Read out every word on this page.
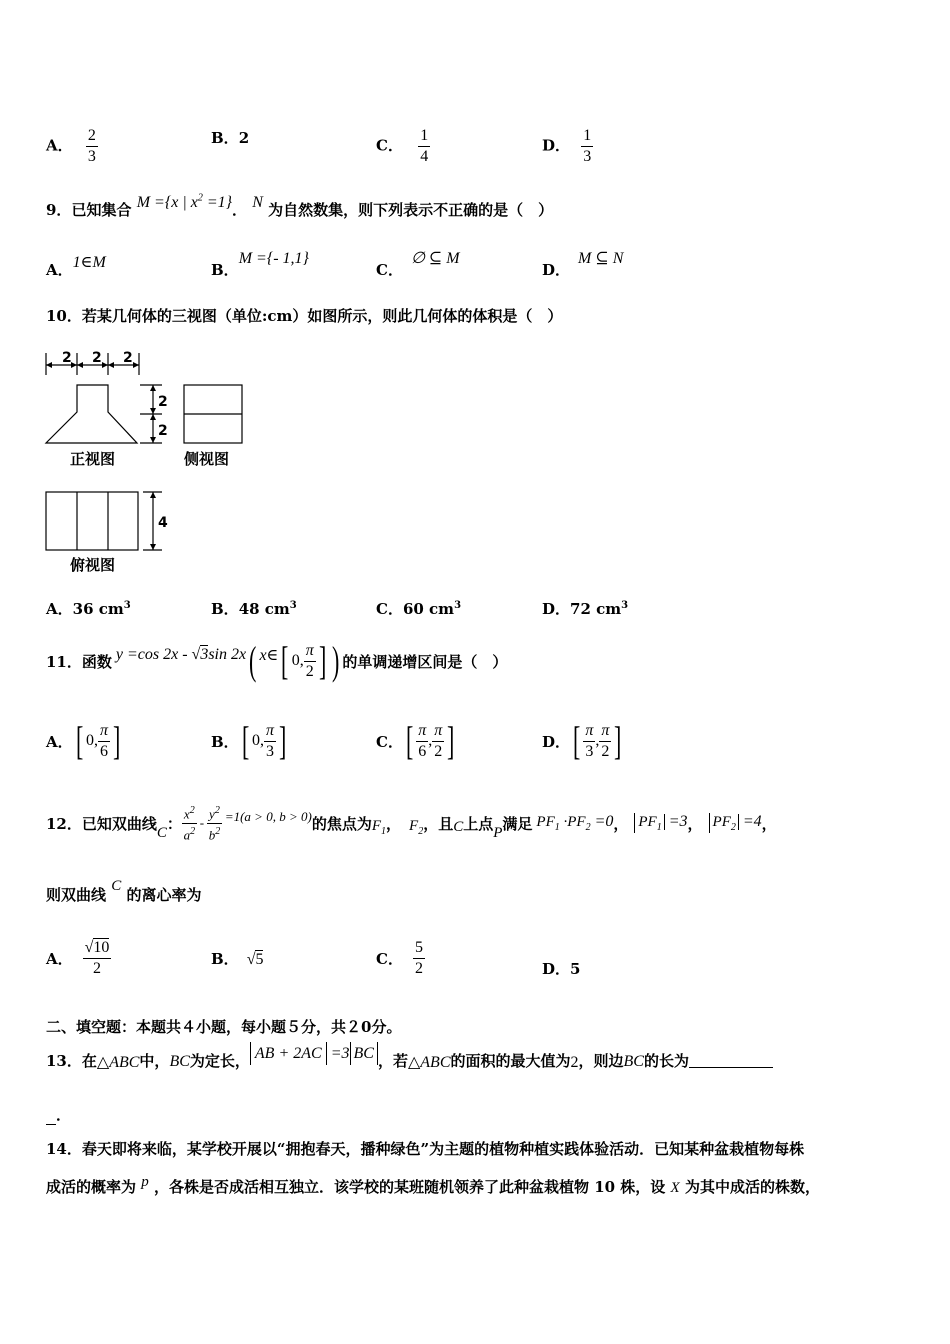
A． $\frac{2}{3}$	B．2	C． $\frac{1}{4}$	D． $\frac{1}{3}$
9．已知集合 M ={x | $x^2 =1$}． N 为自然数集，则下列表示不正确的是（　）
A．1∈M	B．M ={- 1,1}
C．∅ ⊆ M
D．M ⊆ N
10．若某几何体的三视图（单位:cm）如图所示，则此几何体的体积是（　）
2 2 2
2
2
正视图	侧视图
4
俯视图
A．36 $cm^3$	B．48 $cm^3$	C．60 $cm^3$	D．72 $cm^3$
11． 函数 y =cos 2x - √3sin 2x ( x∈ [ 0, $\frac{\pi}{2}$ ] ) 的单调递增区间是（　）
A． [ 0, $\frac{\pi}{6}$ ]	B． [ 0, $\frac{\pi}{3}$ ]	C． [ $\frac{\pi}{6}$ , $\frac{\pi}{2}$ ]	D． [ $\frac{\pi}{3}$ , $\frac{\pi}{2}$ ]
12． 已知双曲线 C ： $\frac{x^2}{a^2} - \frac{y^2}{b^2} =1(a > 0$, b > 0) 的焦点为 $F_1$ ， $F_2$ ，且 C 上点 P 满足 $PF_1 \cdot PF_2 =0$ ， $PF_1 =3$ ， $PF_2 =4$ ，
则双曲线 C 的离心率为
A． $\frac{√10}{2}$	B． √5	C． $\frac{5}{2}$	D．5
二、填空题：本题共４小题，每小题５分，共２0分。
13． 在 △ABC 中， BC 为定长， AB + 2AC =3 BC ，若 △ABC 的面积的最大值为 2 ，则边 BC 的长为
．
14．春天即将来临，某学校开展以“拥抱春天，播种绿色”为主题的植物种植实践体验活动．已知某种盆栽植物每株
成活的概率为 p ，各株是否成活相互独立．该学校的某班随机领养了此种盆栽植物 10 株，设 X 为其中成活的株数，
